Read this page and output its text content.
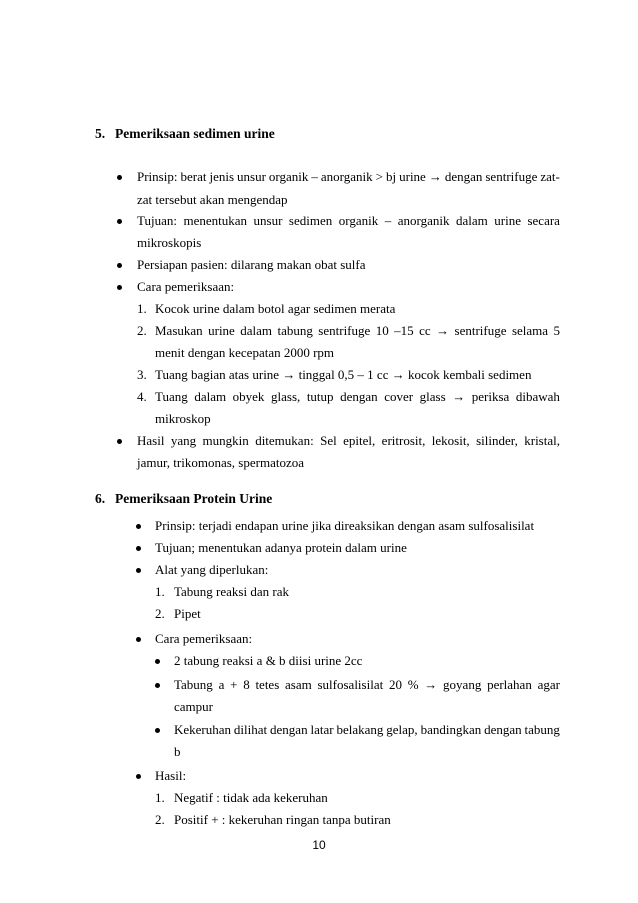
5. Pemeriksaan sedimen urine
Prinsip: berat jenis unsur organik – anorganik > bj urine → dengan sentrifuge zat-
zat tersebut akan mengendap
Tujuan: menentukan unsur sedimen organik – anorganik dalam urine secara
mikroskopis
Persiapan pasien: dilarang makan obat sulfa
Cara pemeriksaan:
1. Kocok urine dalam botol agar sedimen merata
2. Masukan urine dalam tabung sentrifuge 10 –15 cc → sentrifuge selama 5
menit dengan kecepatan 2000 rpm
3. Tuang bagian atas urine → tinggal 0,5 – 1 cc → kocok kembali sedimen
4. Tuang dalam obyek glass, tutup dengan cover glass → periksa dibawah
mikroskop
Hasil yang mungkin ditemukan: Sel epitel, eritrosit, lekosit, silinder, kristal,
jamur, trikomonas, spermatozoa
6. Pemeriksaan Protein Urine
Prinsip: terjadi endapan urine jika direaksikan dengan asam sulfosalisilat
Tujuan; menentukan adanya protein dalam urine
Alat yang diperlukan:
1. Tabung reaksi dan rak
2. Pipet
Cara pemeriksaan:
2 tabung reaksi a & b diisi urine 2cc
Tabung a + 8 tetes asam sulfosalisilat 20 % → goyang perlahan agar
campur
Kekeruhan dilihat dengan latar belakang gelap, bandingkan dengan tabung
b
Hasil:
1. Negatif : tidak ada kekeruhan
2. Positif + : kekeruhan ringan tanpa butiran
10
